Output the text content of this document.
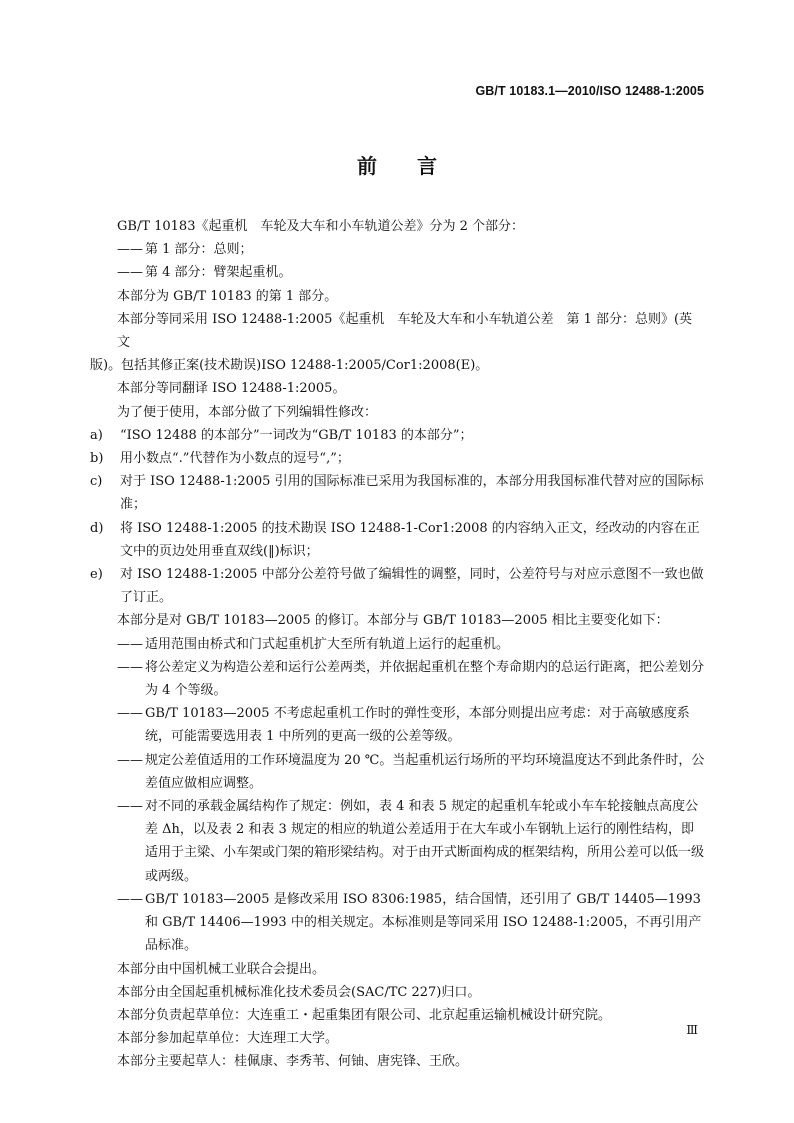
GB/T 10183.1—2010/ISO 12488-1:2005
前　　言

GB/T 10183《起重机　车轮及大车和小车轨道公差》分为 2 个部分：

—— 第 1 部分：总则；
—— 第 4 部分：臂架起重机。

本部分为 GB/T 10183 的第 1 部分。

本部分等同采用 ISO 12488-1:2005《起重机　车轮及大车和小车轨道公差　第 1 部分：总则》(英文

版)。包括其修正案(技术勘误)ISO 12488-1:2005/Cor1:2008(E)。

本部分等同翻译 ISO 12488-1:2005。

为了便于使用，本部分做了下列编辑性修改：

a)	“ISO 12488 的本部分”一词改为“GB/T 10183 的本部分”；
b)	用小数点“.”代替作为小数点的逗号“,”；
c)	对于 ISO 12488-1:2005 引用的国际标准已采用为我国标准的，本部分用我国标准代替对应的国际标准；
d)	将 ISO 12488-1:2005 的技术勘误 ISO 12488-1-Cor1:2008 的内容纳入正文，经改动的内容在正文中的页边处用垂直双线(‖)标识；
e)	对 ISO 12488-1:2005 中部分公差符号做了编辑性的调整，同时，公差符号与对应示意图不一致也做了订正。

本部分是对 GB/T 10183—2005 的修订。本部分与 GB/T 10183—2005 相比主要变化如下：

—— 适用范围由桥式和门式起重机扩大至所有轨道上运行的起重机。
—— 将公差定义为构造公差和运行公差两类，并依据起重机在整个寿命期内的总运行距离，把公差划分为 4 个等级。
—— GB/T 10183—2005 不考虑起重机工作时的弹性变形，本部分则提出应考虑：对于高敏感度系统，可能需要选用表 1 中所列的更高一级的公差等级。
—— 规定公差值适用的工作环境温度为 20 ℃。当起重机运行场所的平均环境温度达不到此条件时，公差值应做相应调整。
—— 对不同的承载金属结构作了规定：例如，表 4 和表 5 规定的起重机车轮或小车车轮接触点高度公差 Δh，以及表 2 和表 3 规定的相应的轨道公差适用于在大车或小车钢轨上运行的刚性结构，即适用于主梁、小车架或门架的箱形梁结构。对于由开式断面构成的框架结构，所用公差可以低一级或两级。
—— GB/T 10183—2005 是修改采用 ISO 8306:1985，结合国情，还引用了 GB/T 14405—1993 和 GB/T 14406—1993 中的相关规定。本标准则是等同采用 ISO 12488-1:2005，不再引用产品标准。

本部分由中国机械工业联合会提出。

本部分由全国起重机械标准化技术委员会(SAC/TC 227)归口。

本部分负责起草单位：大连重工・起重集团有限公司、北京起重运输机械设计研究院。

本部分参加起草单位：大连理工大学。

本部分主要起草人：桂佩康、李秀苇、何铀、唐宪锋、王欣。

Ⅲ
